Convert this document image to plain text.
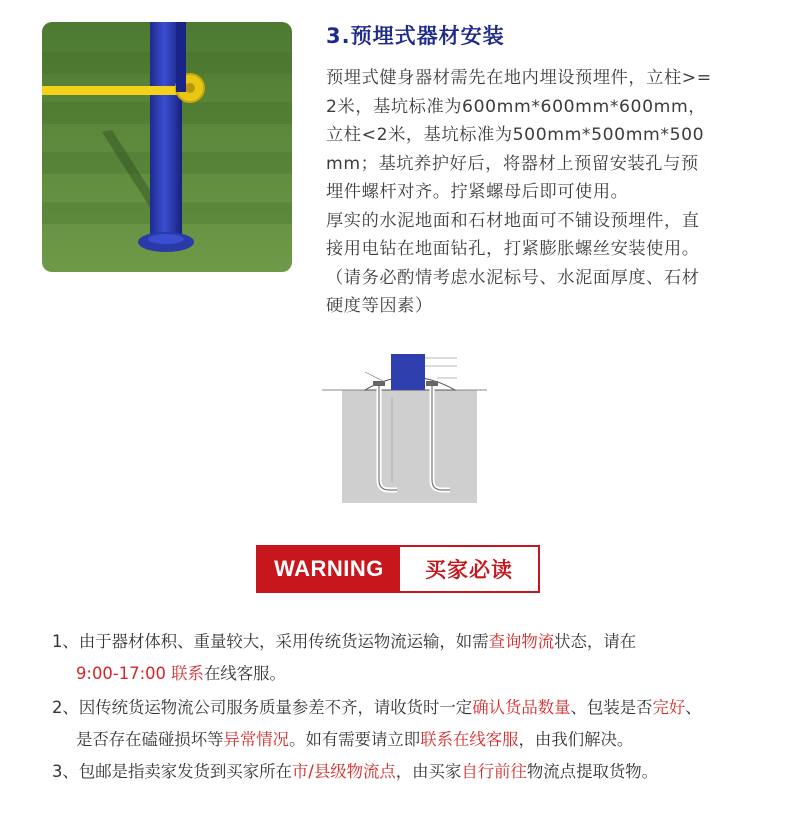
3.预埋式器材安装

预埋式健身器材需先在地内埋设预埋件，立柱>=

2米，基坑标准为600mm*600mm*600mm，

立柱<2米，基坑标准为500mm*500mm*500

mm；基坑养护好后，将器材上预留安装孔与预

埋件螺杆对齐。拧紧螺母后即可使用。

厚实的水泥地面和石材地面可不铺设预埋件，直

接用电钻在地面钻孔，打紧膨胀螺丝安装使用。

（请务必酌情考虑水泥标号、水泥面厚度、石材

硬度等因素）

WARNING	买家必读
1、由于器材体积、重量较大，采用传统货运物流运输，如需查询物流状态，请在
9:00-17:00 联系在线客服。
2、因传统货运物流公司服务质量参差不齐，请收货时一定确认货品数量、包装是否完好、
是否存在磕碰损坏等异常情况。如有需要请立即联系在线客服，由我们解决。
3、包邮是指卖家发货到买家所在市/县级物流点，由买家自行前往物流点提取货物。
